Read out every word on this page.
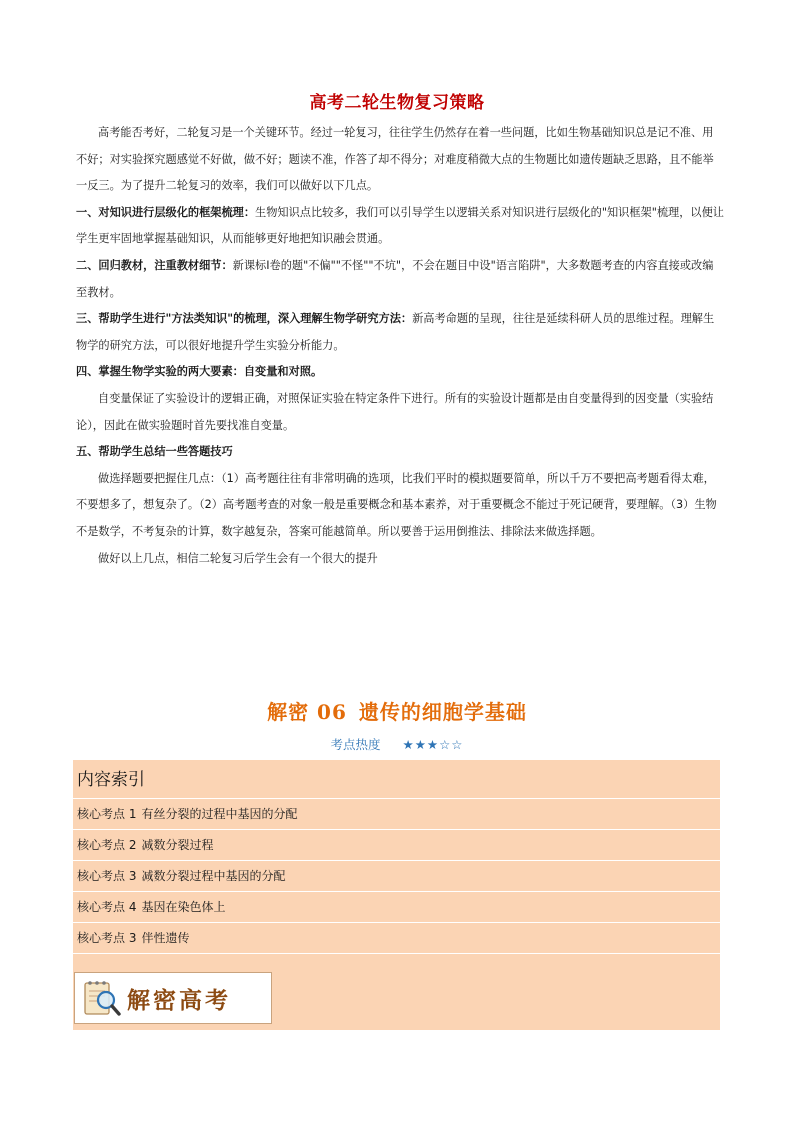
高考二轮生物复习策略

高考能否考好，二轮复习是一个关键环节。经过一轮复习，往往学生仍然存在着一些问题，比如生物基础知识总是记不准、用不好；对实验探究题感觉不好做，做不好；题读不准，作答了却不得分；对难度稍微大点的生物题比如遗传题缺乏思路，且不能举一反三。为了提升二轮复习的效率，我们可以做好以下几点。

一、对知识进行层级化的框架梳理：生物知识点比较多，我们可以引导学生以逻辑关系对知识进行层级化的"知识框架"梳理，以便让学生更牢固地掌握基础知识，从而能够更好地把知识融会贯通。

二、回归教材，注重教材细节：新课标Ⅰ卷的题"不偏""不怪""不坑"，不会在题目中设"语言陷阱"，大多数题考查的内容直接或改编至教材。

三、帮助学生进行"方法类知识"的梳理，深入理解生物学研究方法：新高考命题的呈现，往往是延续科研人员的思维过程。理解生物学的研究方法，可以很好地提升学生实验分析能力。

四、掌握生物学实验的两大要素：自变量和对照。

自变量保证了实验设计的逻辑正确，对照保证实验在特定条件下进行。所有的实验设计题都是由自变量得到的因变量（实验结论），因此在做实验题时首先要找准自变量。

五、帮助学生总结一些答题技巧

做选择题要把握住几点：（1）高考题往往有非常明确的选项，比我们平时的模拟题要简单，所以千万不要把高考题看得太难，不要想多了，想复杂了。（2）高考题考查的对象一般是重要概念和基本素养，对于重要概念不能过于死记硬背，要理解。（3）生物不是数学，不考复杂的计算，数字越复杂，答案可能越简单。所以要善于运用倒推法、排除法来做选择题。

做好以上几点，相信二轮复习后学生会有一个很大的提升

解密 06 遗传的细胞学基础
考点热度 ★★★☆☆
内容索引
核心考点 1 有丝分裂的过程中基因的分配
核心考点 2 减数分裂过程
核心考点 3 减数分裂过程中基因的分配
核心考点 4 基因在染色体上
核心考点 3 伴性遗传
解密高考
